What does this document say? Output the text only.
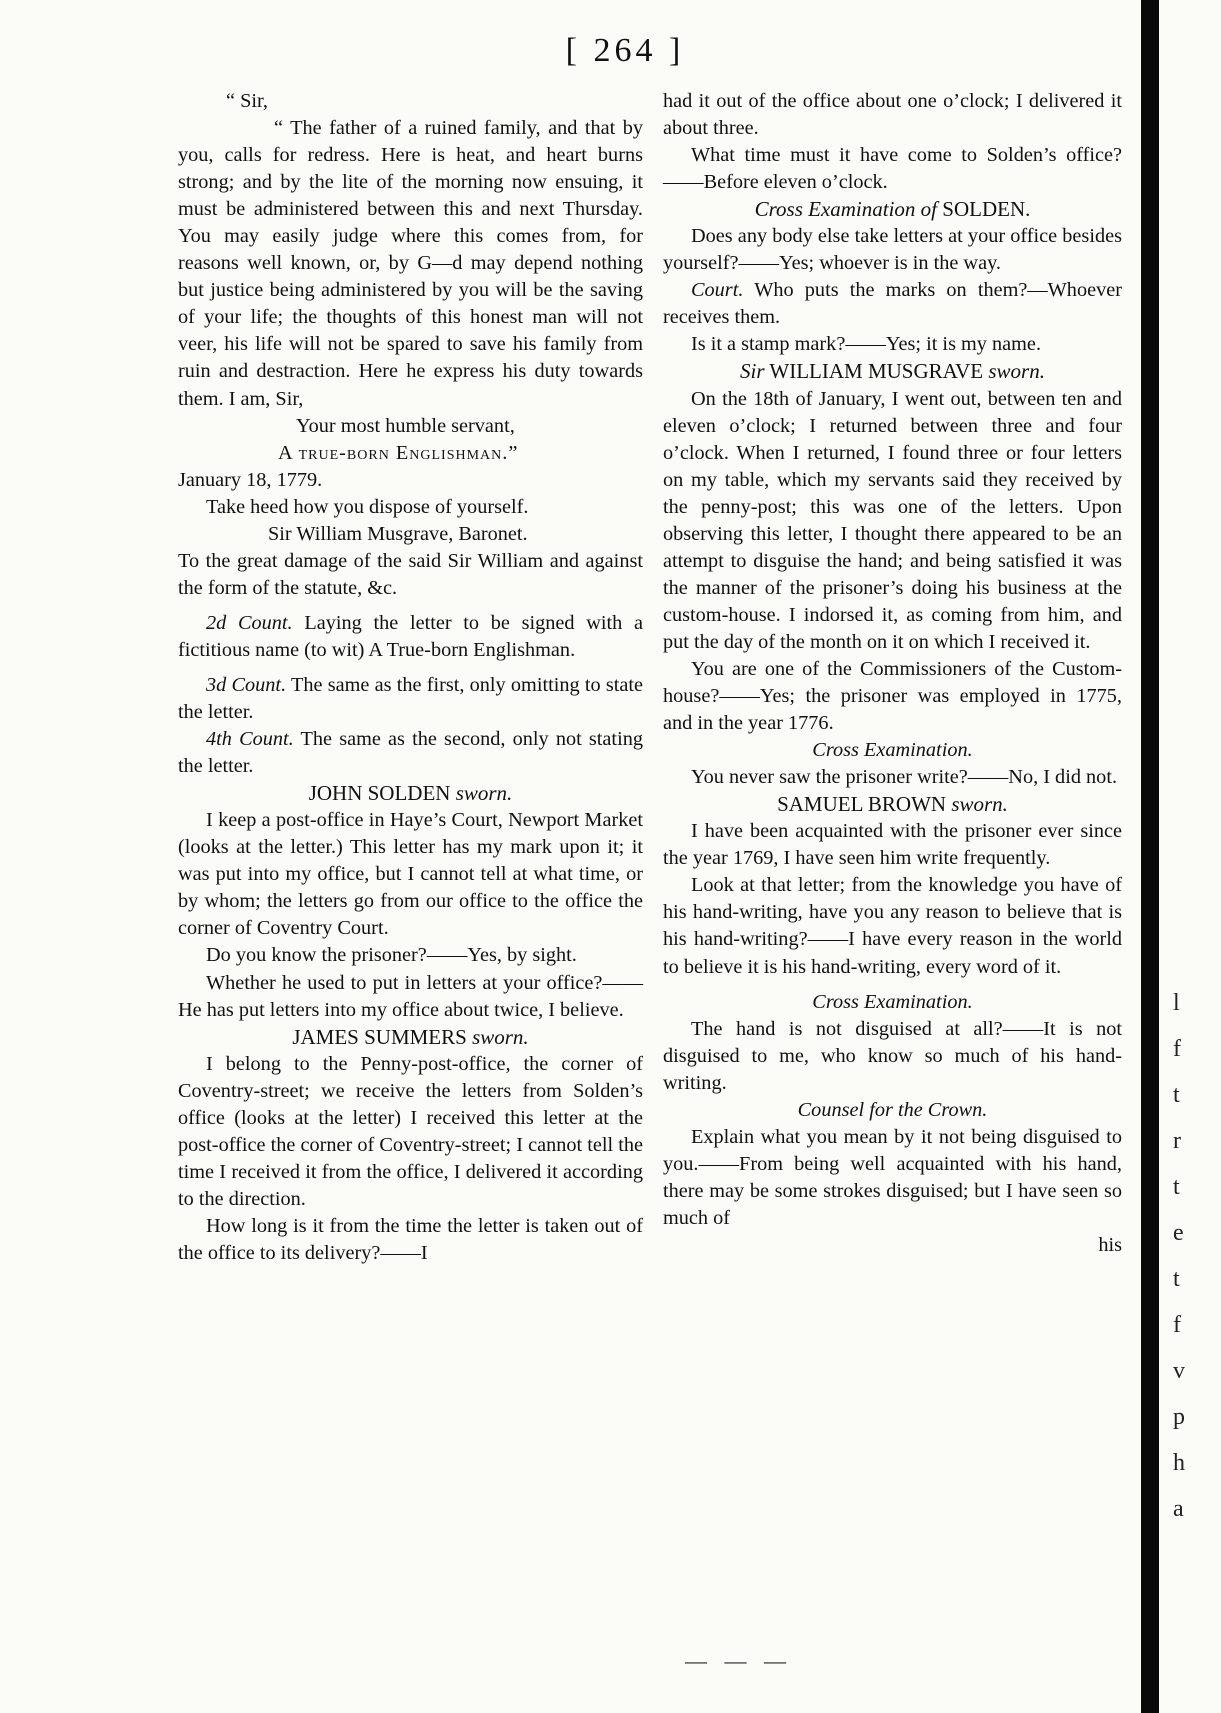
l
f
t
r
t
e
t
f
v
p
h
a
[ 264 ]

“ Sir,

“ The father of a ruined family, and that by you, calls for redress. Here is heat, and heart burns strong; and by the lite of the morning now ensuing, it must be administered between this and next Thursday. You may easily judge where this comes from, for reasons well known, or, by G—d may depend nothing but justice being administered by you will be the saving of your life; the thoughts of this honest man will not veer, his life will not be spared to save his family from ruin and destraction. Here he express his duty towards them. I am, Sir,

Your most humble servant,

A true-born Englishman.”

January 18, 1779.

Take heed how you dispose of yourself.

Sir William Musgrave, Baronet.

To the great damage of the said Sir William and against the form of the statute, &c.

2d Count. Laying the letter to be signed with a fictitious name (to wit) A True-born Englishman.

3d Count. The same as the first, only omitting to state the letter.

4th Count. The same as the second, only not stating the letter.

JOHN SOLDEN sworn.

I keep a post-office in Haye’s Court, Newport Market (looks at the letter.) This letter has my mark upon it; it was put into my office, but I cannot tell at what time, or by whom; the letters go from our office to the office the corner of Coventry Court.

Do you know the prisoner?——Yes, by sight.

Whether he used to put in letters at your office?——He has put letters into my office about twice, I believe.

JAMES SUMMERS sworn.

I belong to the Penny-post-office, the corner of Coventry-street; we receive the letters from Solden’s office (looks at the letter) I received this letter at the post-office the corner of Coventry-street; I cannot tell the time I received it from the office, I delivered it according to the direction.

How long is it from the time the letter is taken out of the office to its delivery?——I

had it out of the office about one o’clock; I delivered it about three.

What time must it have come to Solden’s office?——Before eleven o’clock.

Cross Examination of SOLDEN.

Does any body else take letters at your office besides yourself?——Yes; whoever is in the way.

Court. Who puts the marks on them?—Whoever receives them.

Is it a stamp mark?——Yes; it is my name.

Sir WILLIAM MUSGRAVE sworn.

On the 18th of January, I went out, between ten and eleven o’clock; I returned between three and four o’clock. When I returned, I found three or four letters on my table, which my servants said they received by the penny-post; this was one of the letters. Upon observing this letter, I thought there appeared to be an attempt to disguise the hand; and being satisfied it was the manner of the prisoner’s doing his business at the custom-house. I indorsed it, as coming from him, and put the day of the month on it on which I received it.

You are one of the Commissioners of the Custom-house?——Yes; the prisoner was employed in 1775, and in the year 1776.

Cross Examination.

You never saw the prisoner write?——No, I did not.

SAMUEL BROWN sworn.

I have been acquainted with the prisoner ever since the year 1769, I have seen him write frequently.

Look at that letter; from the knowledge you have of his hand-writing, have you any reason to believe that is his hand-writing?——I have every reason in the world to believe it is his hand-writing, every word of it.

Cross Examination.

The hand is not disguised at all?——It is not disguised to me, who know so much of his hand-writing.

Counsel for the Crown.

Explain what you mean by it not being disguised to you.——From being well acquainted with his hand, there may be some strokes disguised; but I have seen so much of

his

— — —
